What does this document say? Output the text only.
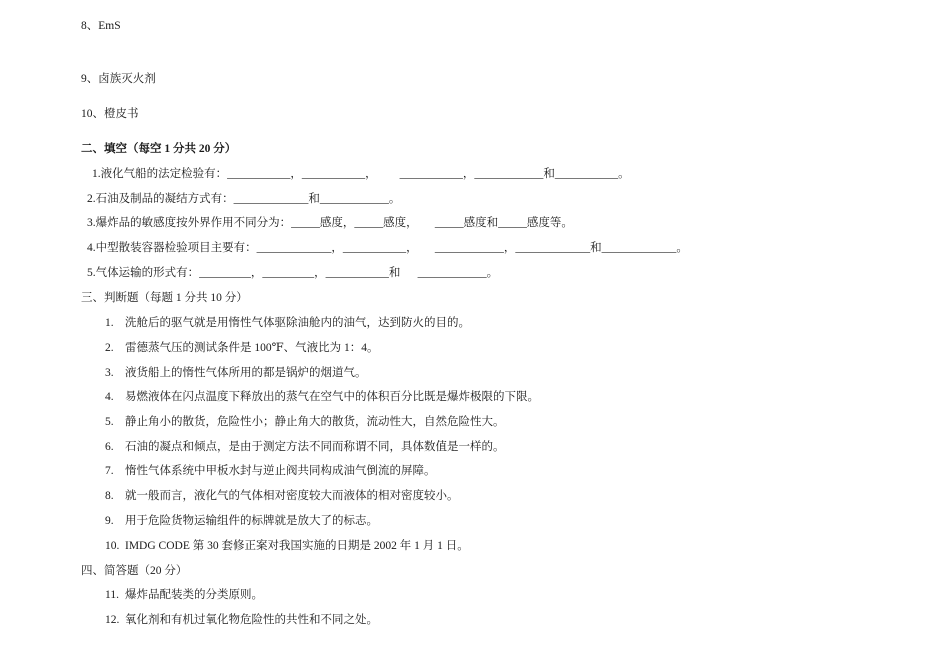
8、EmS
9、卤族灭火剂
10、橙皮书
二、填空（每空 1 分共 20 分）
1.液化气船的法定检验有：___________，___________，        ___________，____________和___________。
2.石油及制品的凝结方式有：_____________和____________。
3.爆炸品的敏感度按外界作用不同分为：_____感度，_____感度，      _____感度和_____感度等。
4.中型散装容器检验项目主要有：_____________，___________，      ____________，_____________和_____________。
5.气体运输的形式有：_________，_________，___________和      ____________。
三、判断题（每题 1 分共 10 分）
1. 洗舱后的驱气就是用惰性气体驱除油舱内的油气，达到防火的目的。
2. 雷德蒸气压的测试条件是 100℉、气液比为 1：4。
3. 液货船上的惰性气体所用的都是锅炉的烟道气。
4. 易燃液体在闪点温度下释放出的蒸气在空气中的体积百分比既是爆炸极限的下限。
5. 静止角小的散货，危险性小；静止角大的散货，流动性大，自然危险性大。
6. 石油的凝点和倾点，是由于测定方法不同而称谓不同，具体数值是一样的。
7. 惰性气体系统中甲板水封与逆止阀共同构成油气倒流的屏障。
8. 就一般而言，液化气的气体相对密度较大而液体的相对密度较小。
9. 用于危险货物运输组件的标牌就是放大了的标志。
10. IMDG CODE 第 30 套修正案对我国实施的日期是 2002 年 1 月 1 日。
四、简答题（20 分）
11. 爆炸品配装类的分类原则。
12. 氧化剂和有机过氧化物危险性的共性和不同之处。
